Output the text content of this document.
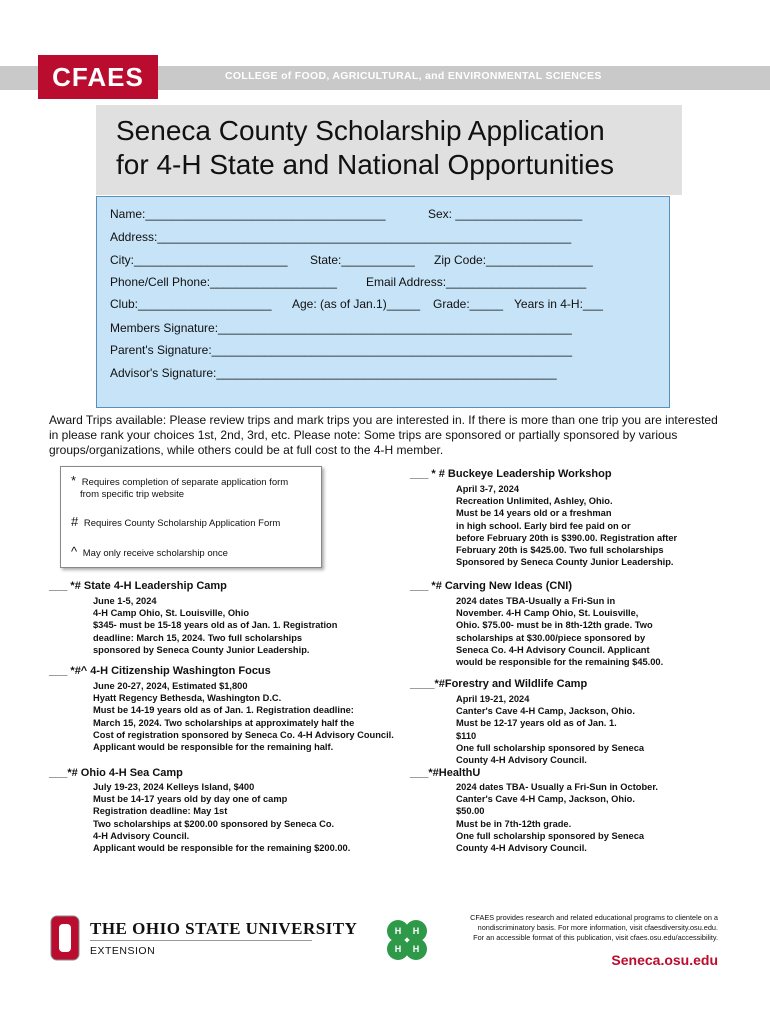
CFAES	COLLEGE of FOOD, AGRICULTURAL, and ENVIRONMENTAL SCIENCES
Seneca County Scholarship Application
for 4-H State and National Opportunities
Name:____________________________________	Sex: ___________________
Address:______________________________________________________________
City:_______________________ State:___________ Zip Code:________________
Phone/Cell Phone:___________________ Email Address:_____________________
Club:____________________ Age: (as of Jan.1)_____ Grade:_____ Years in 4-H:___
Members Signature:_____________________________________________________
Parent's Signature:______________________________________________________
Advisor's Signature:___________________________________________________
Award Trips available: Please review trips and mark trips you are interested in. If there is more than one trip you are interested in please rank your choices 1st, 2nd, 3rd, etc. Please note: Some trips are sponsored or partially sponsored by various groups/organizations, while others could be at full cost to the 4-H member.
* Requires completion of separate application form
from specific trip website
# Requires County Scholarship Application Form
^ May only receive scholarship once
___ *# State 4-H Leadership Camp
June 1-5, 2024
4-H Camp Ohio, St. Louisville, Ohio
$345- must be 15-18 years old as of Jan. 1. Registration
deadline: March 15, 2024. Two full scholarships
sponsored by Seneca County Junior Leadership.
___ *#^ 4-H Citizenship Washington Focus
June 20-27, 2024, Estimated $1,800
Hyatt Regency Bethesda, Washington D.C.
Must be 14-19 years old as of Jan. 1. Registration deadline:
March 15, 2024. Two scholarships at approximately half the
Cost of registration sponsored by Seneca Co. 4-H Advisory Council.
Applicant would be responsible for the remaining half.
___*# Ohio 4-H Sea Camp
July 19-23, 2024 Kelleys Island, $400
Must be 14-17 years old by day one of camp
Registration deadline: May 1st
Two scholarships at $200.00 sponsored by Seneca Co.
4-H Advisory Council.
Applicant would be responsible for the remaining $200.00.
___ * # Buckeye Leadership Workshop
April 3-7, 2024
Recreation Unlimited, Ashley, Ohio.
Must be 14 years old or a freshman
in high school. Early bird fee paid on or
before February 20th is $390.00. Registration after
February 20th is $425.00. Two full scholarships
Sponsored by Seneca County Junior Leadership.
___ *# Carving New Ideas (CNI)
2024 dates TBA-Usually a Fri-Sun in
November. 4-H Camp Ohio, St. Louisville,
Ohio. $75.00- must be in 8th-12th grade. Two
scholarships at $30.00/piece sponsored by
Seneca Co. 4-H Advisory Council. Applicant
would be responsible for the remaining $45.00.
____*#Forestry and Wildlife Camp
April 19-21, 2024
Canter's Cave 4-H Camp, Jackson, Ohio.
Must be 12-17 years old as of Jan. 1.
$110
One full scholarship sponsored by Seneca
County 4-H Advisory Council.
___*#HealthU
2024 dates TBA- Usually a Fri-Sun in October.
Canter's Cave 4-H Camp, Jackson, Ohio.
$50.00
Must be in 7th-12th grade.
One full scholarship sponsored by Seneca
County 4-H Advisory Council.
THE OHIO STATE UNIVERSITY
EXTENSION
H H
H H
CFAES provides research and related educational programs to clientele on a nondiscriminatory basis. For more information, visit cfaesdiversity.osu.edu. For an accessible format of this publication, visit cfaes.osu.edu/accessibility.
Seneca.osu.edu
